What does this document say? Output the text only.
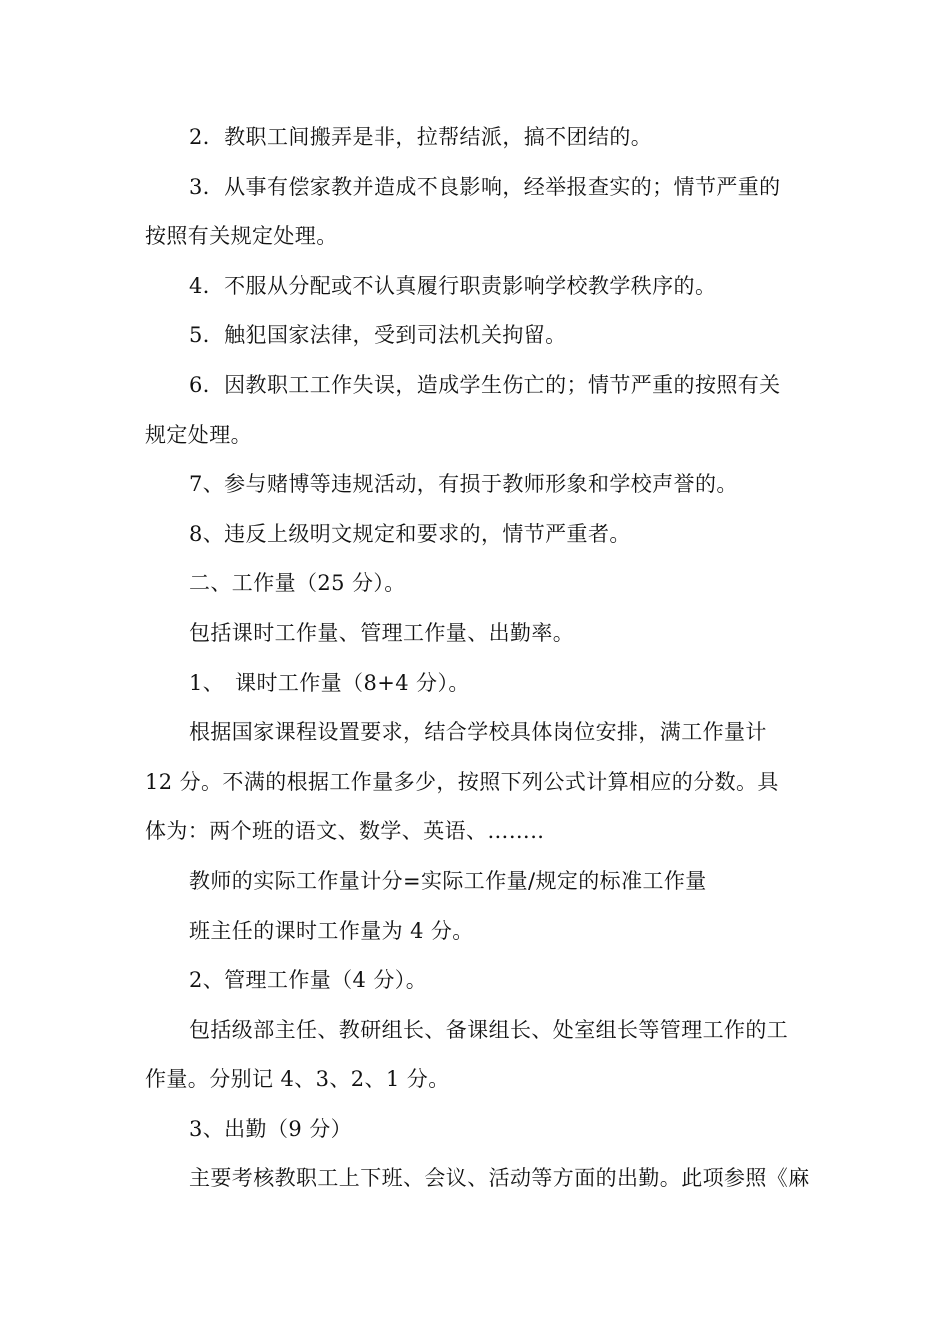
2．教职工间搬弄是非，拉帮结派，搞不团结的。

3．从事有偿家教并造成不良影响，经举报查实的；情节严重的

按照有关规定处理。

4．不服从分配或不认真履行职责影响学校教学秩序的。

5．触犯国家法律，受到司法机关拘留。

6．因教职工工作失误，造成学生伤亡的；情节严重的按照有关

规定处理。

7、参与赌博等违规活动，有损于教师形象和学校声誉的。

8、违反上级明文规定和要求的，情节严重者。

二、工作量（25 分）。

包括课时工作量、管理工作量、出勤率。

1、　课时工作量（8+4 分）。

根据国家课程设置要求，结合学校具体岗位安排，满工作量计

12 分。不满的根据工作量多少，按照下列公式计算相应的分数。具

体为：两个班的语文、数学、英语、……..

教师的实际工作量计分=实际工作量/规定的标准工作量

班主任的课时工作量为 4 分。

2、管理工作量（4 分）。

包括级部主任、教研组长、备课组长、处室组长等管理工作的工

作量。分别记 4、3、2、1 分。

3、出勤（9 分）

主要考核教职工上下班、会议、活动等方面的出勤。此项参照《麻
